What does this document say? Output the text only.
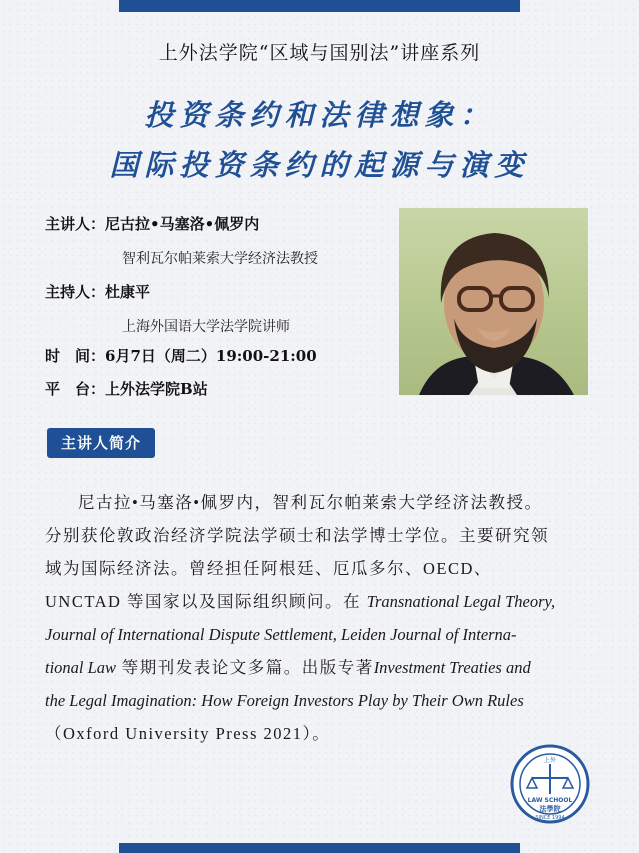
上外法学院“区域与国别法”讲座系列
投资条约和法律想象：
国际投资条约的起源与演变
主讲人：尼古拉•马塞洛•佩罗内
智利瓦尔帕莱索大学经济法教授
主持人：杜康平
上海外国语大学法学院讲师
时　间：6月7日（周二）19:00-21:00
平　台：上外法学院B站
主讲人简介
尼古拉•马塞洛•佩罗内，智利瓦尔帕莱索大学经济法教授。
分别获伦敦政治经济学院法学硕士和法学博士学位。主要研究领
域为国际经济法。曾经担任阿根廷、厄瓜多尔、OECD、
UNCTAD 等国家以及国际组织顾问。在 Transnational Legal Theory,
Journal of International Dispute Settlement, Leiden Journal of Interna-
tional Law 等期刊发表论文多篇。出版专著Investment Treaties and
the Legal Imagination: How Foreign Investors Play by Their Own Rules
（Oxford University Press 2021）。
上外
LAW SCHOOL
法學院
SINCE 1994
